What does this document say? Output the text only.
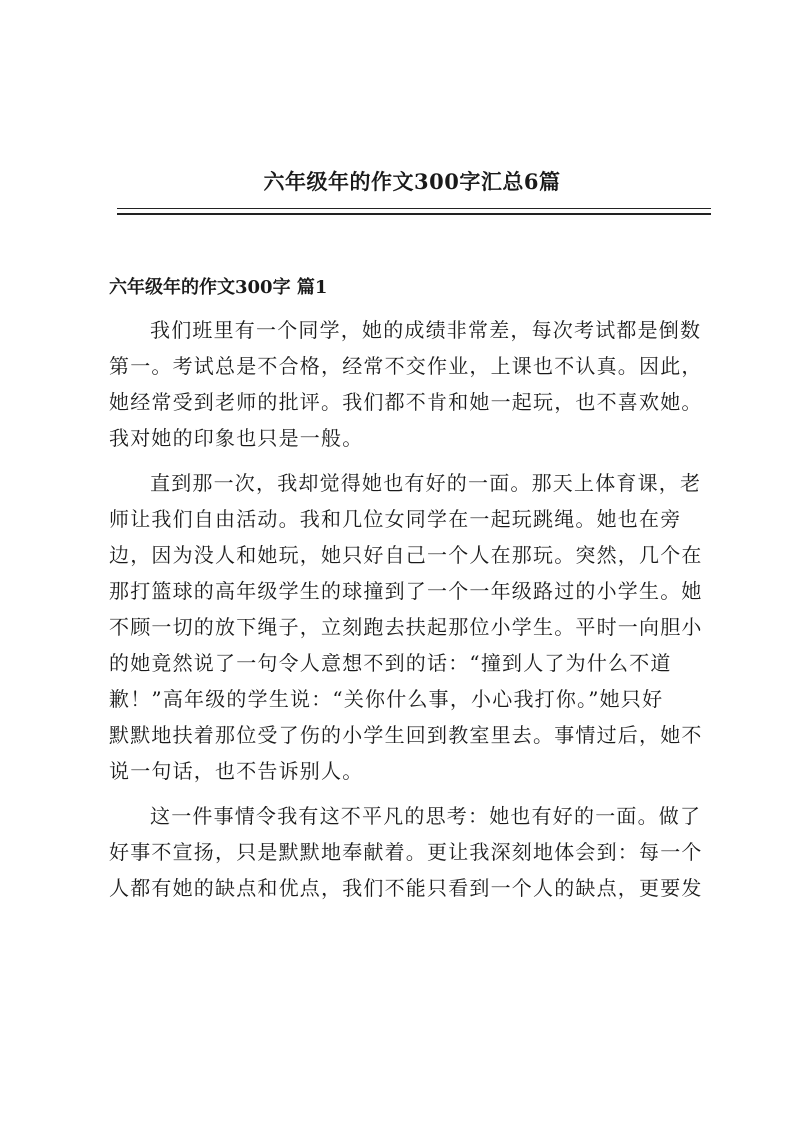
六年级年的作文300字汇总6篇
六年级年的作文300字 篇1

我们班里有一个同学，她的成绩非常差，每次考试都是倒数
第一。考试总是不合格，经常不交作业，上课也不认真。因此，
她经常受到老师的批评。我们都不肯和她一起玩，也不喜欢她。
我对她的印象也只是一般。

直到那一次，我却觉得她也有好的一面。那天上体育课，老
师让我们自由活动。我和几位女同学在一起玩跳绳。她也在旁
边，因为没人和她玩，她只好自己一个人在那玩。突然，几个在
那打篮球的高年级学生的球撞到了一个一年级路过的小学生。她
不顾一切的放下绳子，立刻跑去扶起那位小学生。平时一向胆小
的她竟然说了一句令人意想不到的话：“撞到人了为什么不道
歉！”高年级的学生说：“关你什么事，小心我打你。”她只好
默默地扶着那位受了伤的小学生回到教室里去。事情过后，她不
说一句话，也不告诉别人。

这一件事情令我有这不平凡的思考：她也有好的一面。做了
好事不宣扬，只是默默地奉献着。更让我深刻地体会到：每一个
人都有她的缺点和优点，我们不能只看到一个人的缺点，更要发
